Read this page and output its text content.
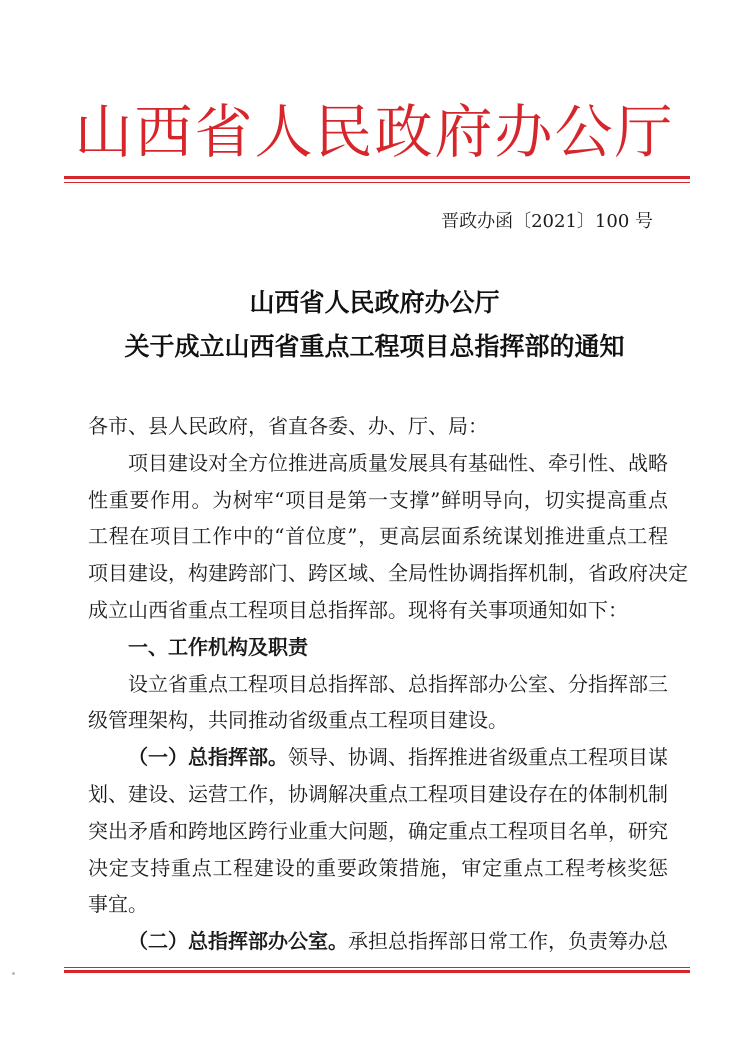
山西省人民政府办公厅
晋政办函〔2021〕100 号
山西省人民政府办公厅
关于成立山西省重点工程项目总指挥部的通知
各市、县人民政府，省直各委、办、厅、局：
项目建设对全方位推进高质量发展具有基础性、牵引性、战略
性重要作用。为树牢“项目是第一支撑”鲜明导向，切实提高重点
工程在项目工作中的“首位度”，更高层面系统谋划推进重点工程
项目建设，构建跨部门、跨区域、全局性协调指挥机制，省政府决定
成立山西省重点工程项目总指挥部。现将有关事项通知如下：
一、工作机构及职责
设立省重点工程项目总指挥部、总指挥部办公室、分指挥部三
级管理架构，共同推动省级重点工程项目建设。
（一）总指挥部。领导、协调、指挥推进省级重点工程项目谋
划、建设、运营工作，协调解决重点工程项目建设存在的体制机制
突出矛盾和跨地区跨行业重大问题，确定重点工程项目名单，研究
决定支持重点工程建设的重要政策措施，审定重点工程考核奖惩
事宜。
（二）总指挥部办公室。承担总指挥部日常工作，负责筹办总
